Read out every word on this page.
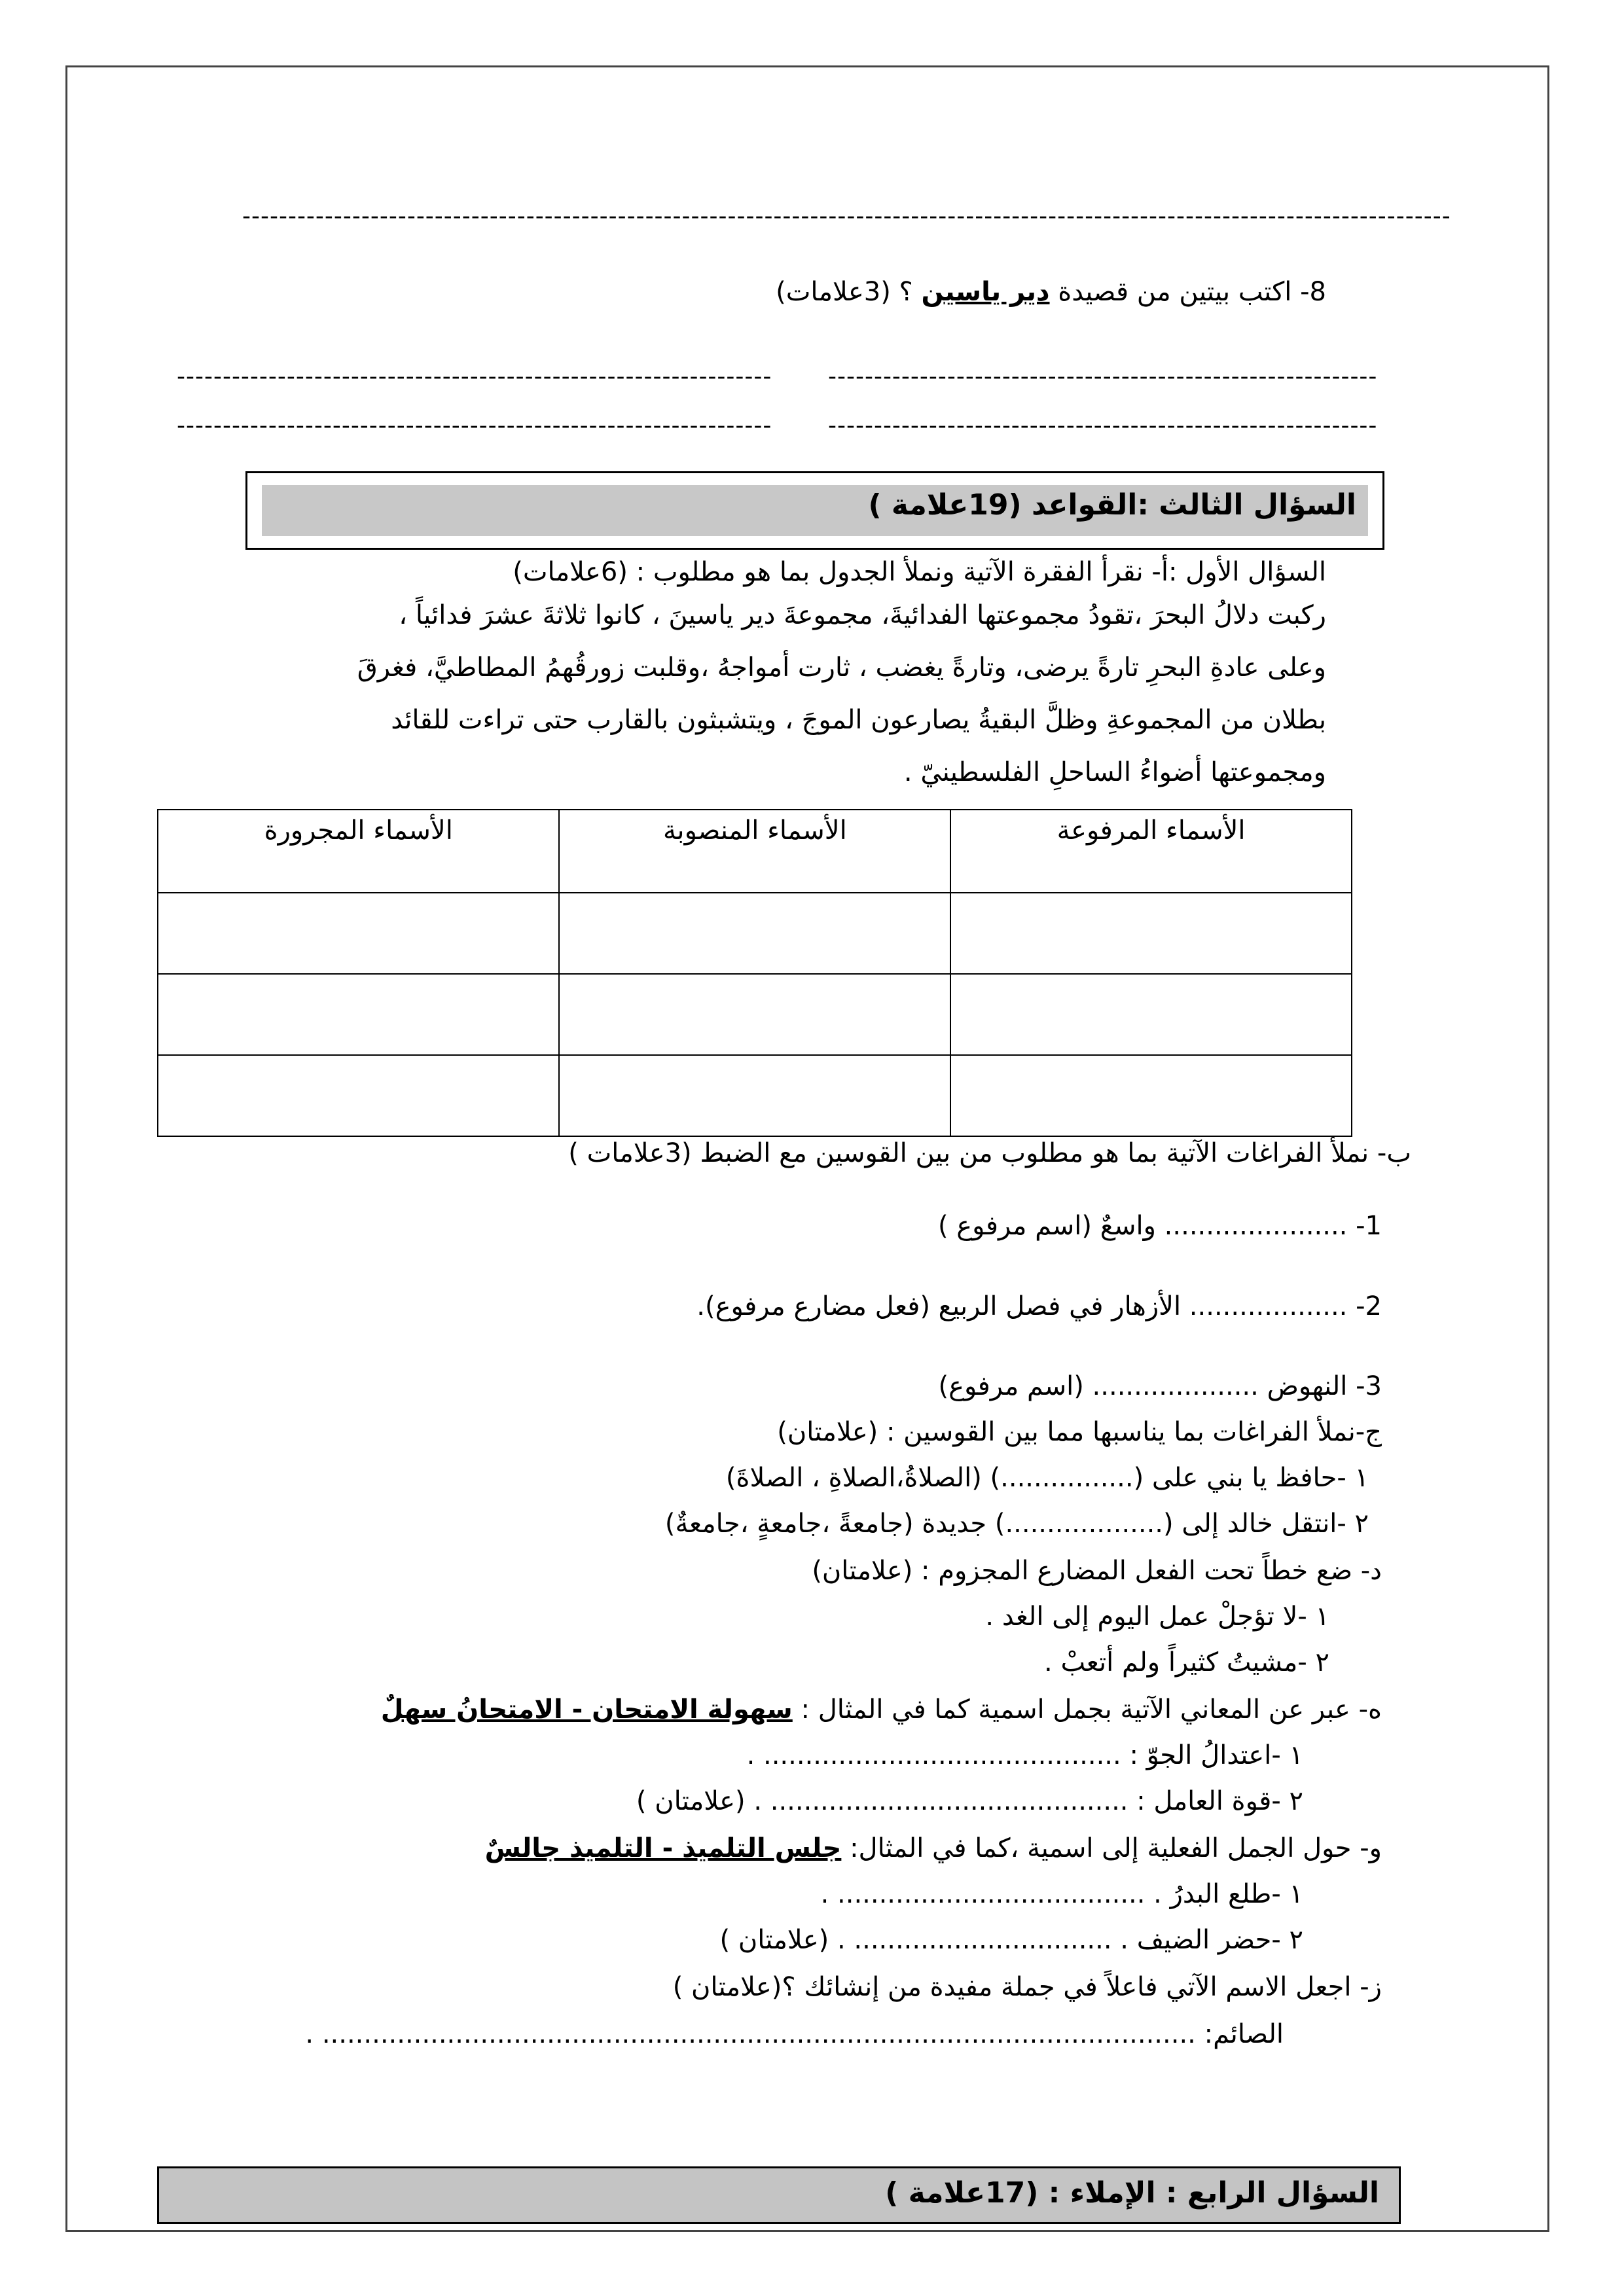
------------------------------------------------------------------------------------------------------------------------------------
8- اكتب بيتين من قصيدة دير ياسين ؟ (3علامات)
------------------------------------------------------------
-----------------------------------------------------------------
------------------------------------------------------------
-----------------------------------------------------------------
السؤال الثالث :القواعد (19علامة )
السؤال الأول :أ- نقرأ الفقرة الآتية ونملأ الجدول بما هو مطلوب : (6علامات)
ركبت دلالُ البحرَ ،تقودُ مجموعتها الفدائيةَ، مجموعةَ دير ياسينَ ، كانوا ثلاثةَ عشرَ فدائياً ،
وعلى عادةِ البحرِ تارةً يرضى، وتارةً يغضب ، ثارت أمواجهُ ،وقلبت زورقُهمُ المطاطيَّ، فغرقَ
بطلان من المجموعةِ وظلَّ البقيةُ يصارعون الموجَ ، ويتشبثون بالقارب حتى تراءت للقائد
ومجموعتها أضواءُ الساحلِ الفلسطينيّ .
الأسماء المرفوعة	الأسماء المنصوبة	الأسماء المجرورة

ب- نملأ الفراغات الآتية بما هو مطلوب من بين القوسين مع الضبط (3علامات )
1- ...................... واسعٌ (اسم مرفوع )
2- ................... الأزهار في فصل الربيع (فعل مضارع مرفوع).
3- النهوض .................... (اسم مرفوع)
ج-نملأ الفراغات بما يناسبها مما بين القوسين : (علامتان)
١ -حافظ يا بني على (................) (الصلاةُ،الصلاةِ ، الصلاةَ)
٢ -انتقل خالد إلى (...................) جديدة (جامعةً ،جامعةٍ ،جامعةٌ)
د- ضع خطاً تحت الفعل المضارع المجزوم : (علامتان)
١ -لا تؤجلْ عمل اليوم إلى الغد .
٢ -مشيتُ كثيراً ولم أتعبْ .
ه- عبر عن المعاني الآتية بجمل اسمية كما في المثال : سهولة الامتحان - الامتحانُ سهلٌ
١ -اعتدالُ الجوّ : ........................................... .
٢ -قوة العامل : ........................................... . (علامتان )
و- حول الجمل الفعلية إلى اسمية ،كما في المثال: جلس التلميذ - التلميذ جالسٌ
١ -طلع البدرُ . ..................................... .
٢ -حضر الضيف . ............................... . (علامتان )
ز- اجعل الاسم الآتي فاعلاً في جملة مفيدة من إنشائك ؟(علامتان )
الصائم: ......................................................................................................... .
السؤال الرابع : الإملاء : (17علامة )
